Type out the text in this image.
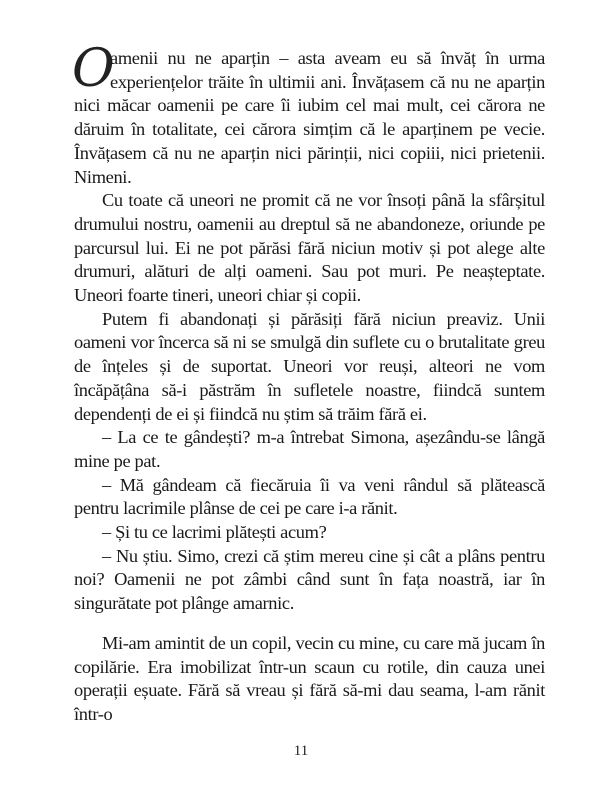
O
amenii nu ne aparțin – asta aveam eu să învăț în urma experiențelor trăite în ultimii ani. Învățasem că nu ne aparțin nici măcar oamenii pe care îi iubim cel mai mult, cei cărora ne dăruim în totalitate, cei cărora simțim că le aparținem pe vecie. Învățasem că nu ne aparțin nici părinții, nici copiii, nici prietenii. Nimeni.

Cu toate că uneori ne promit că ne vor însoți până la sfârșitul drumului nostru, oamenii au dreptul să ne abandoneze, oriunde pe parcursul lui. Ei ne pot părăsi fără niciun motiv și pot alege alte drumuri, alături de alți oameni. Sau pot muri. Pe neașteptate. Uneori foarte tineri, uneori chiar și copii.

Putem fi abandonați și părăsiți fără niciun preaviz. Unii oameni vor încerca să ni se smulgă din suflete cu o brutalitate greu de înțeles și de suportat. Uneori vor reuși, alteori ne vom încăpățâna să-i păstrăm în sufletele noastre, fiindcă suntem dependenți de ei și fiindcă nu știm să trăim fără ei.

– La ce te gândești? m-a întrebat Simona, așezându-se lângă mine pe pat.

– Mă gândeam că fiecăruia îi va veni rândul să plătească pentru lacrimile plânse de cei pe care i-a rănit.

– Și tu ce lacrimi plătești acum?

– Nu știu. Simo, crezi că știm mereu cine și cât a plâns pentru noi? Oamenii ne pot zâmbi când sunt în fața noastră, iar în singurătate pot plânge amarnic.

Mi-am amintit de un copil, vecin cu mine, cu care mă jucam în copilărie. Era imobilizat într-un scaun cu rotile, din cauza unei operații eșuate. Fără să vreau și fără să-mi dau seama, l-am rănit într-o

11
